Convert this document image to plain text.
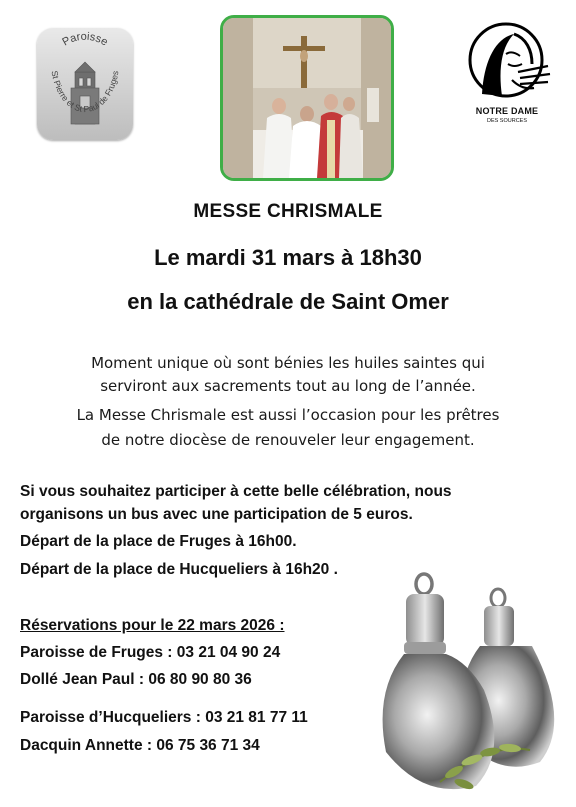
Paroisse
St Pierre et St Paul de Fruges
NOTRE DAME
DES SOURCES
MESSE CHRISMALE
Le mardi 31 mars à 18h30
en la cathédrale de Saint Omer
Moment unique où sont bénies les huiles saintes qui
serviront aux sacrements tout au long de l’année.
La Messe Chrismale est aussi l’occasion pour les prêtres
de notre diocèse de renouveler leur engagement.
Si vous souhaitez participer à cette belle célébration, nous
organisons un bus avec une participation de 5 euros.
Départ de la place de Fruges à 16h00.
Départ de la place de Hucqueliers à 16h20 .
Réservations pour le 22 mars 2026 :
Paroisse de Fruges : 03 21 04 90 24
Dollé Jean Paul : 06 80 90 80 36
Paroisse d’Hucqueliers : 03 21 81 77 11
Dacquin Annette : 06 75 36 71 34
